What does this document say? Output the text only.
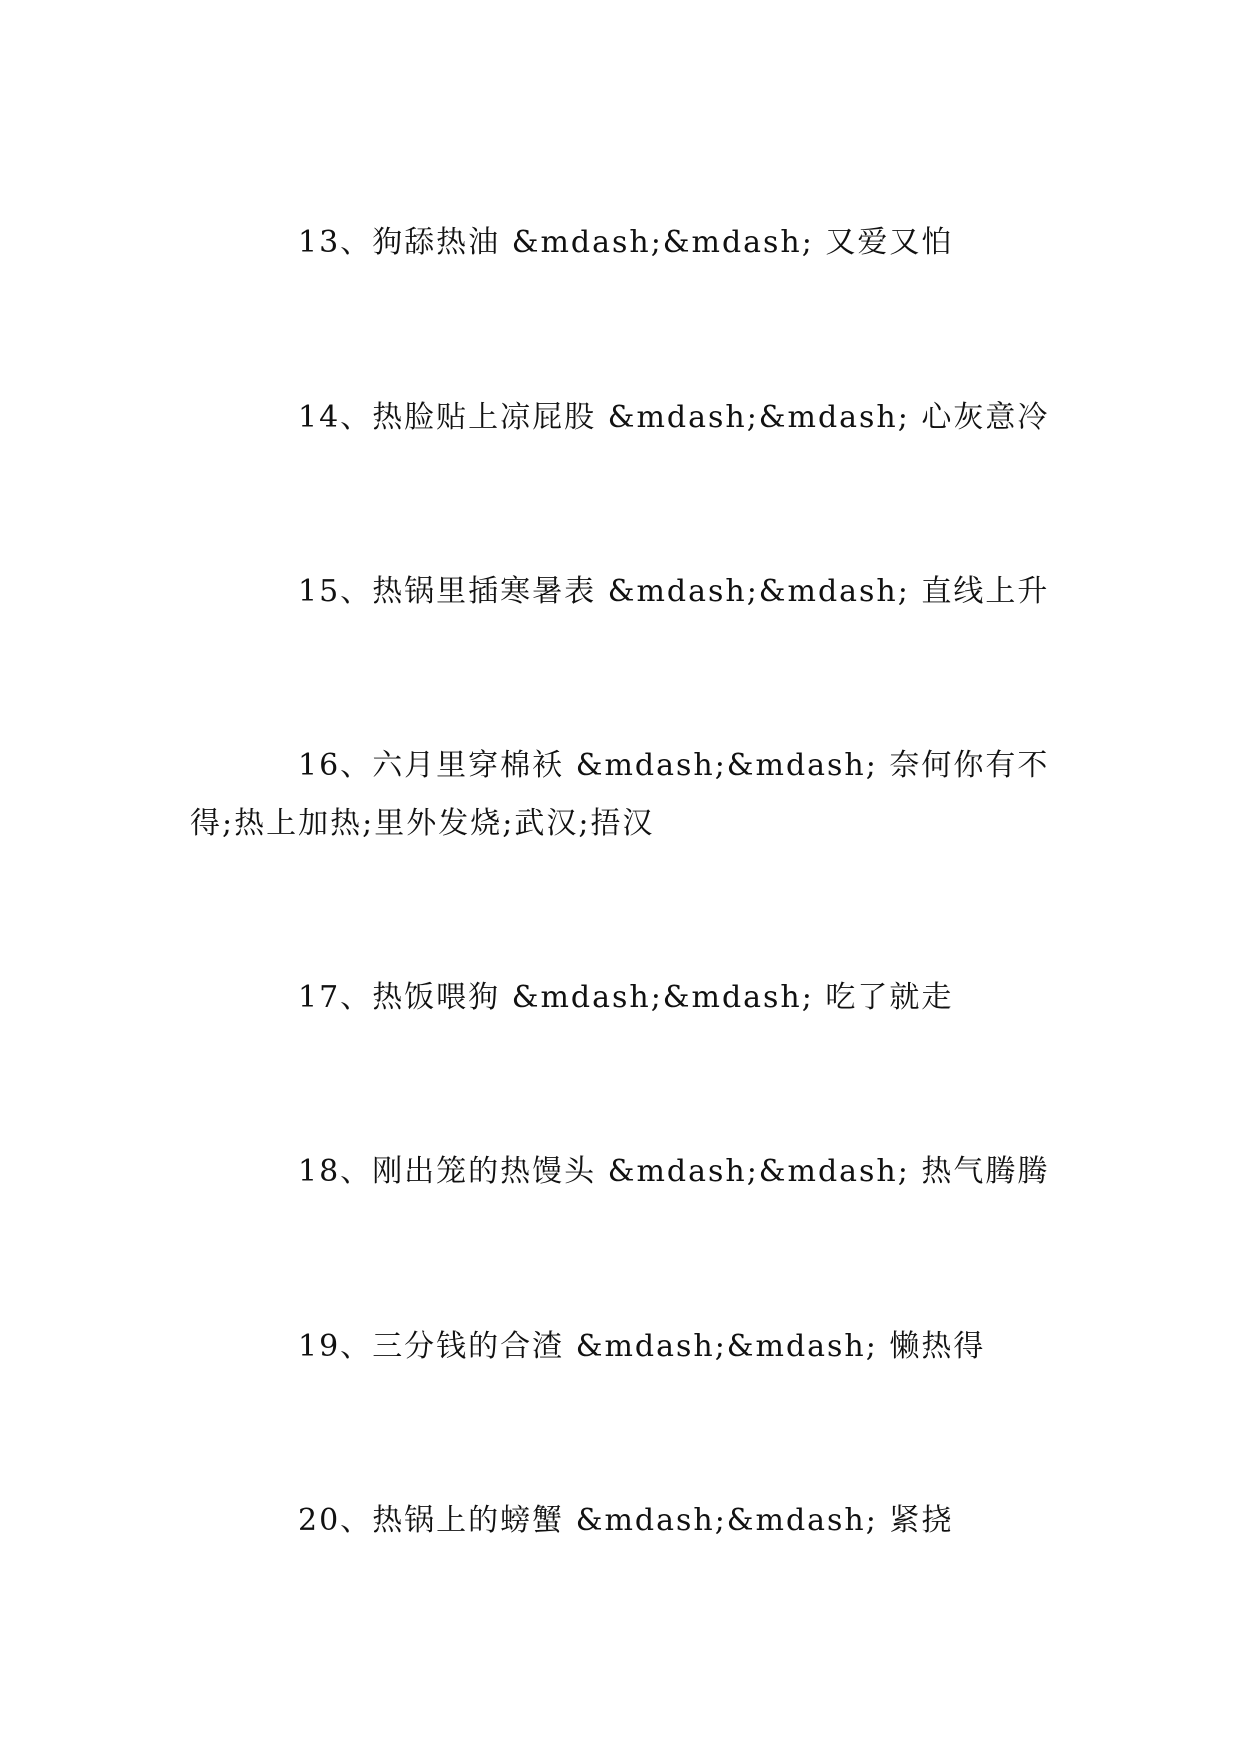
13、狗舔热油 &mdash;&mdash; 又爱又怕

14、热脸贴上凉屁股 &mdash;&mdash; 心灰意冷

15、热锅里插寒暑表 &mdash;&mdash; 直线上升

16、六月里穿棉袄 &mdash;&mdash; 奈何你有不得;热上加热;里外发烧;武汉;捂汉

17、热饭喂狗 &mdash;&mdash; 吃了就走

18、刚出笼的热馒头 &mdash;&mdash; 热气腾腾

19、三分钱的合渣 &mdash;&mdash; 懒热得

20、热锅上的螃蟹 &mdash;&mdash; 紧挠
